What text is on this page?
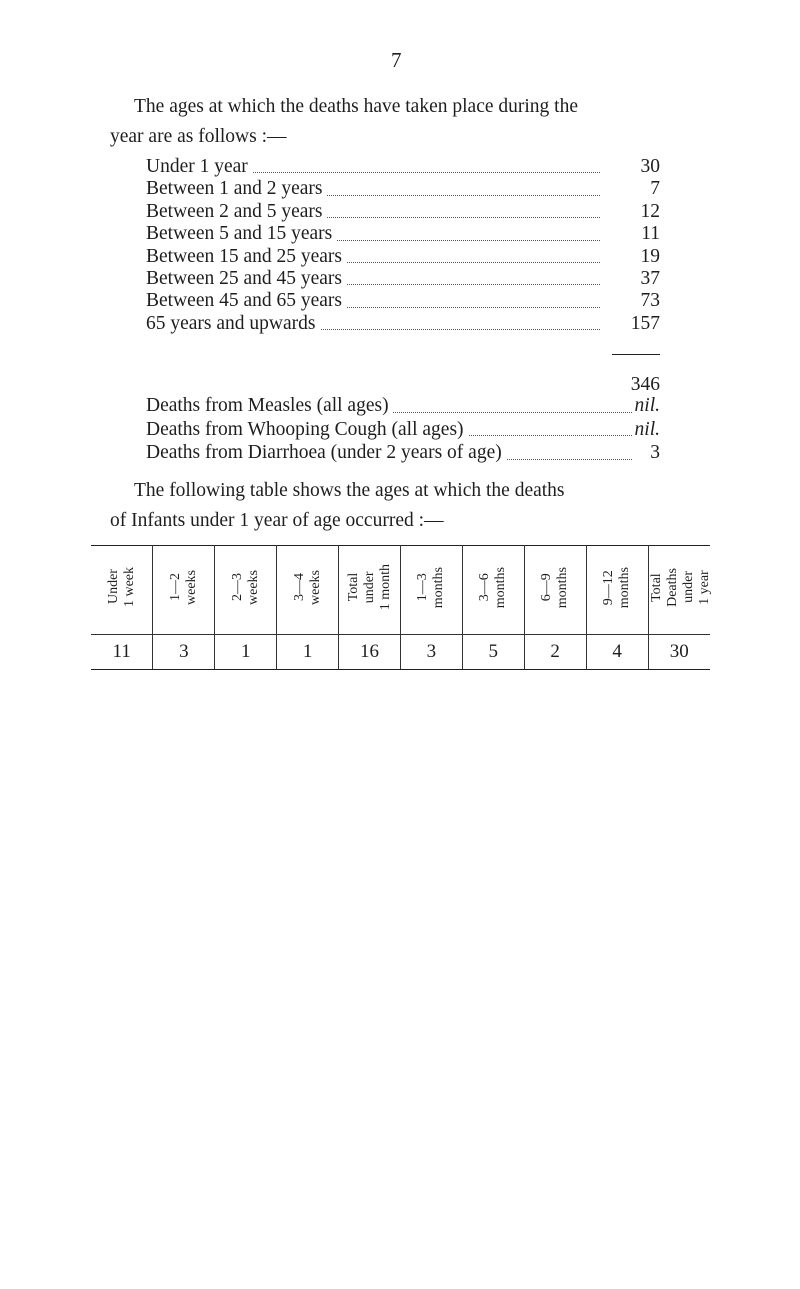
7
The ages at which the deaths have taken place during the
year are as follows :—
Under 1 year	30
Between 1 and 2 years	7
Between 2 and 5 years	12
Between 5 and 15 years	11
Between 15 and 25 years	19
Between 25 and 45 years	37
Between 45 and 65 years	73
65 years and upwards	157
346
Deaths from Measles (all ages)	nil.
Deaths from Whooping Cough (all ages)	nil.
Deaths from Diarrhoea (under 2 years of age)	3
The following table shows the ages at which the deaths
of Infants under 1 year of age occurred :—
Under
1 week	1—2
weeks	2—3
weeks	3—4
weeks	Total
under
1 month	1—3
months	3—6
months	6—9
months	9—12
months	Total
Deaths
under
1 year
11	3	1	1	16	3	5	2	4	30
